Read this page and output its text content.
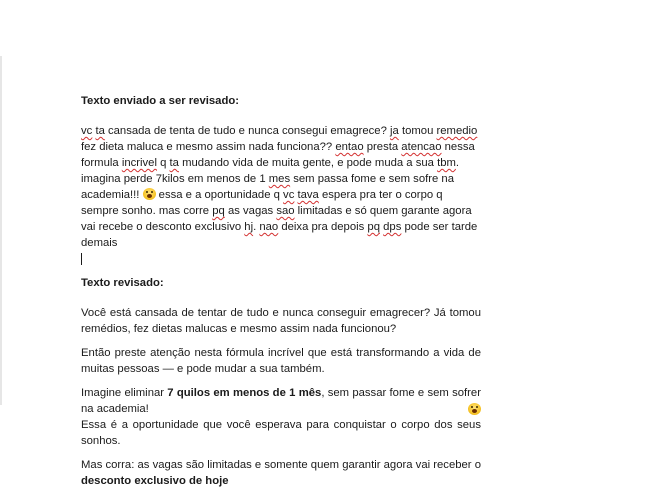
Texto enviado a ser revisado:

vc ta cansada de tenta de tudo e nunca consegui emagrece? ja tomou remedio fez dieta maluca e mesmo assim nada funciona?? entao presta atencao nessa formula incrivel q ta mudando vida de muita gente, e pode muda a sua tbm. imagina perde 7kilos em menos de 1 mes sem passa fome e sem sofre na academia!!!  essa e a oportunidade q vc tava espera pra ter o corpo q sempre sonho. mas corre pq as vagas sao limitadas e só quem garante agora vai recebe o desconto exclusivo hj. nao deixa pra depois pq dps pode ser tarde demais

Texto revisado:

Você está cansada de tentar de tudo e nunca conseguir emagrecer? Já tomou remédios, fez dietas malucas e mesmo assim nada funcionou?

Então preste atenção nesta fórmula incrível que está transformando a vida de muitas pessoas — e pode mudar a sua também.

Imagine eliminar 7 quilos em menos de 1 mês, sem passar fome e sem sofrer na academia!

Essa é a oportunidade que você esperava para conquistar o corpo dos seus sonhos.

Mas corra: as vagas são limitadas e somente quem garantir agora vai receber o desconto exclusivo de hoje
